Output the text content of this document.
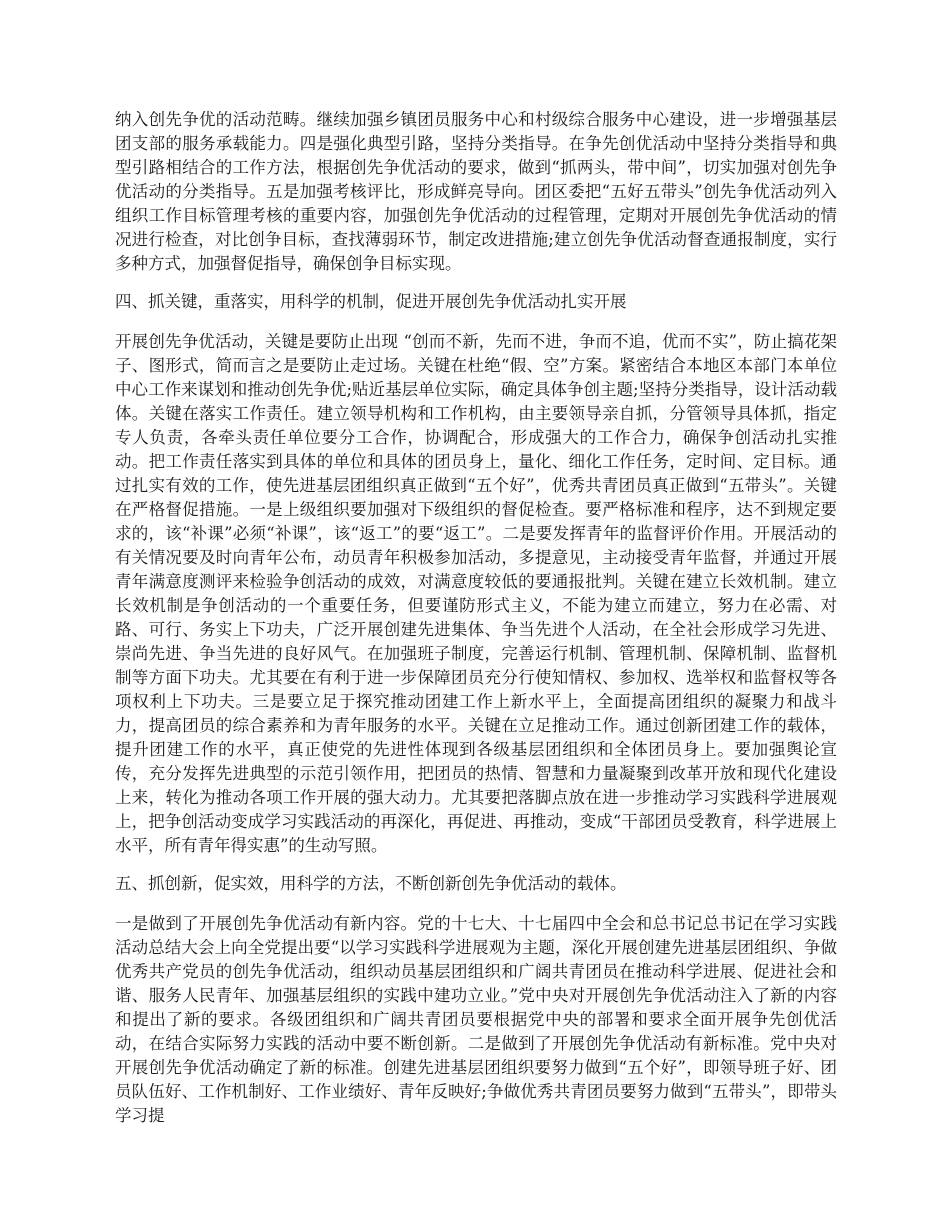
纳入创先争优的活动范畴。继续加强乡镇团员服务中心和村级综合服务中心建设，进一步增强基层团支部的服务承载能力。四是强化典型引路，坚持分类指导。在争先创优活动中坚持分类指导和典型引路相结合的工作方法，根据创先争优活动的要求，做到“抓两头，带中间”，切实加强对创先争优活动的分类指导。五是加强考核评比，形成鲜亮导向。团区委把“五好五带头”创先争优活动列入组织工作目标管理考核的重要内容，加强创先争优活动的过程管理，定期对开展创先争优活动的情况进行检查，对比创争目标，查找薄弱环节，制定改进措施;建立创先争优活动督查通报制度，实行多种方式，加强督促指导，确保创争目标实现。

四、抓关键，重落实，用科学的机制，促进开展创先争优活动扎实开展

开展创先争优活动，关键是要防止出现 “创而不新，先而不进，争而不追，优而不实”，防止搞花架子、图形式，简而言之是要防止走过场。关键在杜绝“假、空”方案。紧密结合本地区本部门本单位中心工作来谋划和推动创先争优;贴近基层单位实际，确定具体争创主题;坚持分类指导，设计活动载体。关键在落实工作责任。建立领导机构和工作机构，由主要领导亲自抓，分管领导具体抓，指定专人负责，各牵头责任单位要分工合作，协调配合，形成强大的工作合力，确保争创活动扎实推动。把工作责任落实到具体的单位和具体的团员身上，量化、细化工作任务，定时间、定目标。通过扎实有效的工作，使先进基层团组织真正做到“五个好”，优秀共青团员真正做到“五带头”。关键在严格督促措施。一是上级组织要加强对下级组织的督促检查。要严格标准和程序，达不到规定要求的，该“补课”必须“补课”，该“返工”的要“返工”。二是要发挥青年的监督评价作用。开展活动的有关情况要及时向青年公布，动员青年积极参加活动，多提意见，主动接受青年监督，并通过开展青年满意度测评来检验争创活动的成效，对满意度较低的要通报批判。关键在建立长效机制。建立长效机制是争创活动的一个重要任务，但要谨防形式主义，不能为建立而建立，努力在必需、对路、可行、务实上下功夫，广泛开展创建先进集体、争当先进个人活动，在全社会形成学习先进、崇尚先进、争当先进的良好风气。在加强班子制度，完善运行机制、管理机制、保障机制、监督机制等方面下功夫。尤其要在有利于进一步保障团员充分行使知情权、参加权、选举权和监督权等各项权利上下功夫。三是要立足于探究推动团建工作上新水平上，全面提高团组织的凝聚力和战斗力，提高团员的综合素养和为青年服务的水平。关键在立足推动工作。通过创新团建工作的载体，提升团建工作的水平，真正使党的先进性体现到各级基层团组织和全体团员身上。要加强舆论宣传，充分发挥先进典型的示范引领作用，把团员的热情、智慧和力量凝聚到改革开放和现代化建设上来，转化为推动各项工作开展的强大动力。尤其要把落脚点放在进一步推动学习实践科学进展观上，把争创活动变成学习实践活动的再深化，再促进、再推动，变成“干部团员受教育，科学进展上水平，所有青年得实惠”的生动写照。

五、抓创新，促实效，用科学的方法，不断创新创先争优活动的载体。

一是做到了开展创先争优活动有新内容。党的十七大、十七届四中全会和总书记总书记在学习实践活动总结大会上向全党提出要“以学习实践科学进展观为主题，深化开展创建先进基层团组织、争做优秀共产党员的创先争优活动，组织动员基层团组织和广阔共青团员在推动科学进展、促进社会和谐、服务人民青年、加强基层组织的实践中建功立业。”党中央对开展创先争优活动注入了新的内容和提出了新的要求。各级团组织和广阔共青团员要根据党中央的部署和要求全面开展争先创优活动，在结合实际努力实践的活动中要不断创新。二是做到了开展创先争优活动有新标准。党中央对开展创先争优活动确定了新的标准。创建先进基层团组织要努力做到“五个好”，即领导班子好、团员队伍好、工作机制好、工作业绩好、青年反映好;争做优秀共青团员要努力做到“五带头”，即带头学习提
